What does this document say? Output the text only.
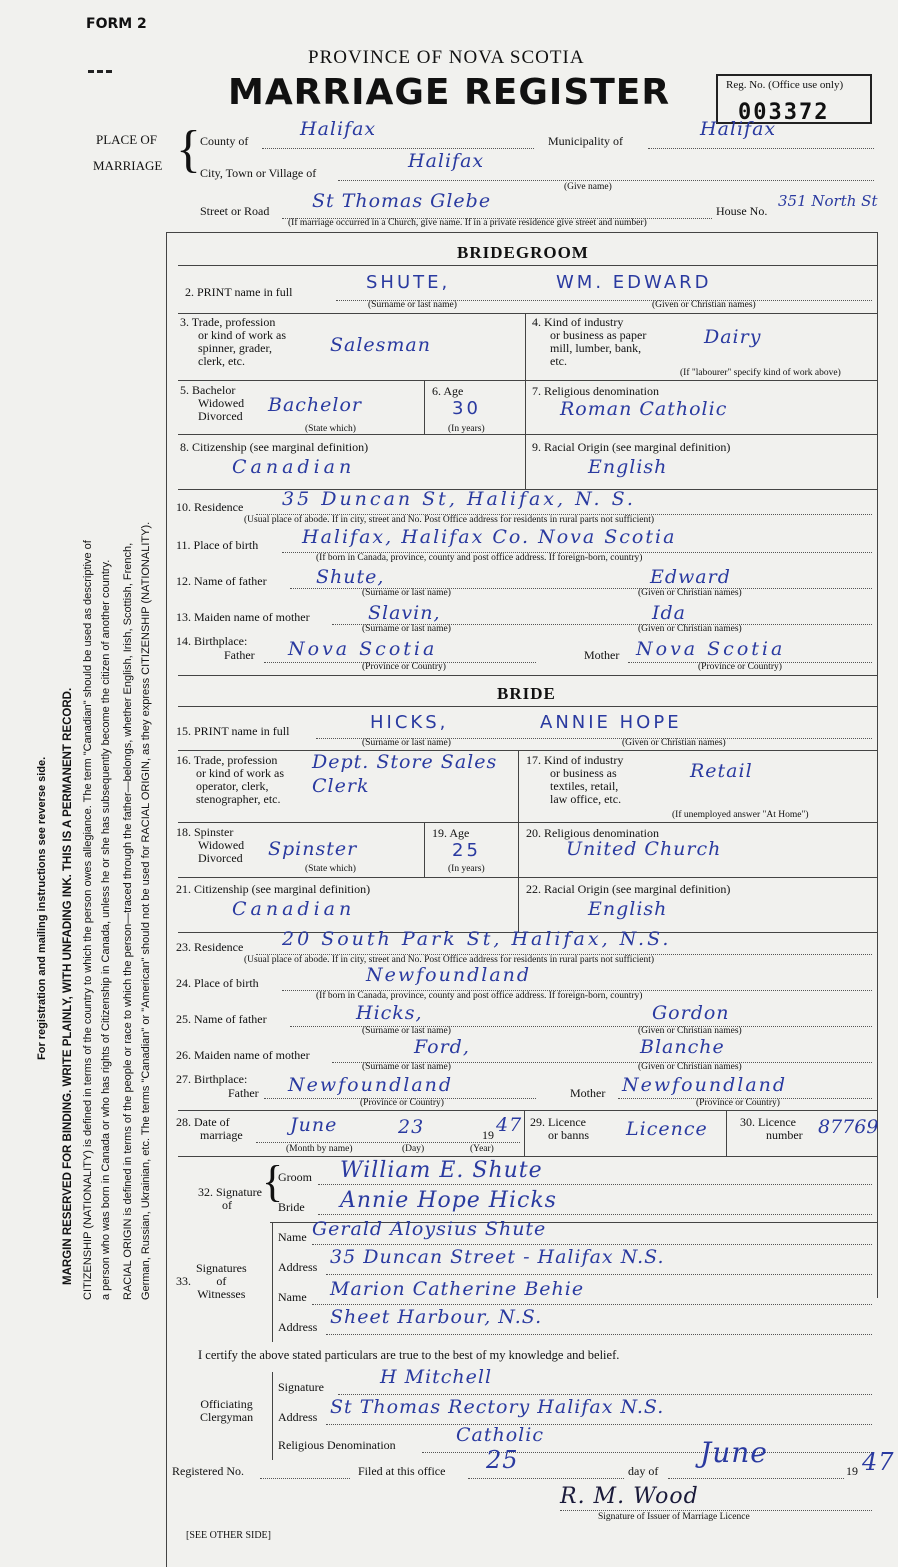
FORM 2
PROVINCE OF NOVA SCOTIA
MARRIAGE REGISTER	Reg. No. (Office use only)
003372
PLACE OF
MARRIAGE { County of
Halifax
Municipality of
Halifax
City, Town or Village of
Halifax
(Give name)
Street or Road St Thomas Glebe	House No.
351 North St
(If marriage occurred in a Church, give name. If in a private residence give street and number)
For registration and mailing instructions see reverse side. MARGIN RESERVED FOR BINDING. WRITE PLAINLY, WITH UNFADING INK. THIS IS A PERMANENT RECORD. CITIZENSHIP (NATIONALITY) is defined in terms of the country to which the person owes allegiance. The term "Canadian" should be used as descriptive of a person who was born in Canada or who has rights of Citizenship in Canada, unless he or she has subsequently become the citizen of another country. RACIAL ORIGIN is defined in terms of the people or race to which the person—traced through the father—belongs, whether English, Irish, Scottish, French, German, Russian, Ukrainian, etc. The terms "Canadian" or "American" should not be used for RACIAL ORIGIN, as they express CITIZENSHIP (NATIONALITY).
BRIDEGROOM
2. PRINT name in full	SHUTE,	WM. EDWARD
(Surname or last name)	(Given or Christian names)
3. Trade, profession
or kind of work as
spinner, grader,
clerk, etc.
Salesman
4. Kind of industry
or business as paper
mill, lumber, bank,
etc.
Dairy
(If "labourer" specify kind of work above)
5. Bachelor
Widowed
Divorced Bachelor
(State which)
6. Age
30
(In years)
7. Religious denomination
Roman Catholic
8. Citizenship (see marginal definition)
Canadian
9. Racial Origin (see marginal definition)
English
10. Residence 35 Duncan St, Halifax, N. S.
(Usual place of abode. If in city, street and No. Post Office address for residents in rural parts not sufficient)
11. Place of birth Halifax, Halifax Co. Nova Scotia
(If born in Canada, province, county and post office address. If foreign-born, country)
12. Name of father	Shute,	Edward
(Surname or last name)	(Given or Christian names)
13. Maiden name of mother	Slavin,	Ida
(Surname or last name)	(Given or Christian names)
14. Birthplace:
Father Nova Scotia	Mother Nova Scotia
(Province or Country)	(Province or Country)
BRIDE
15. PRINT name in full	HICKS,	ANNIE HOPE
(Surname or last name)	(Given or Christian names)
16. Trade, profession
or kind of work as
operator, clerk,
stenographer, etc.
Dept. Store Sales Clerk
17. Kind of industry
or business as
textiles, retail,
law office, etc.
Retail
(If unemployed answer "At Home")
18. Spinster
Widowed
Divorced Spinster
(State which)
19. Age
25
(In years)
20. Religious denomination
United Church
21. Citizenship (see marginal definition)
Canadian
22. Racial Origin (see marginal definition)
English
23. Residence 20 South Park St, Halifax, N.S.
(Usual place of abode. If in city, street and No. Post Office address for residents in rural parts not sufficient)
24. Place of birth	Newfoundland
(If born in Canada, province, county and post office address. If foreign-born, country)
25. Name of father	Hicks,	Gordon
(Surname or last name)	(Given or Christian names)
26. Maiden name of mother	Ford,	Blanche
(Surname or last name)	(Given or Christian names)
27. Birthplace:
Father Newfoundland	Mother Newfoundland
(Province or Country)	(Province or Country)
28. Date of
marriage June	23	19 47
(Month by name)	(Day)	(Year)
29. Licence
or banns Licence	30. Licence
number 87769
32. Signature
of {
Groom William E. Shute
Bride Annie Hope Hicks
33.
Signatures
of
Witnesses
Name Gerald Aloysius Shute
Address 35 Duncan Street - Halifax N.S.
Name Marion Catherine Behie
Address Sheet Harbour, N.S.
I certify the above stated particulars are true to the best of my knowledge and belief.
Officiating
Clergyman
Signature	H Mitchell
Address St Thomas Rectory Halifax N.S.
Religious Denomination	Catholic
Registered No.	Filed at this office 25	day of
June
19 47
R. M. Wood
Signature of Issuer of Marriage Licence
[SEE OTHER SIDE]
